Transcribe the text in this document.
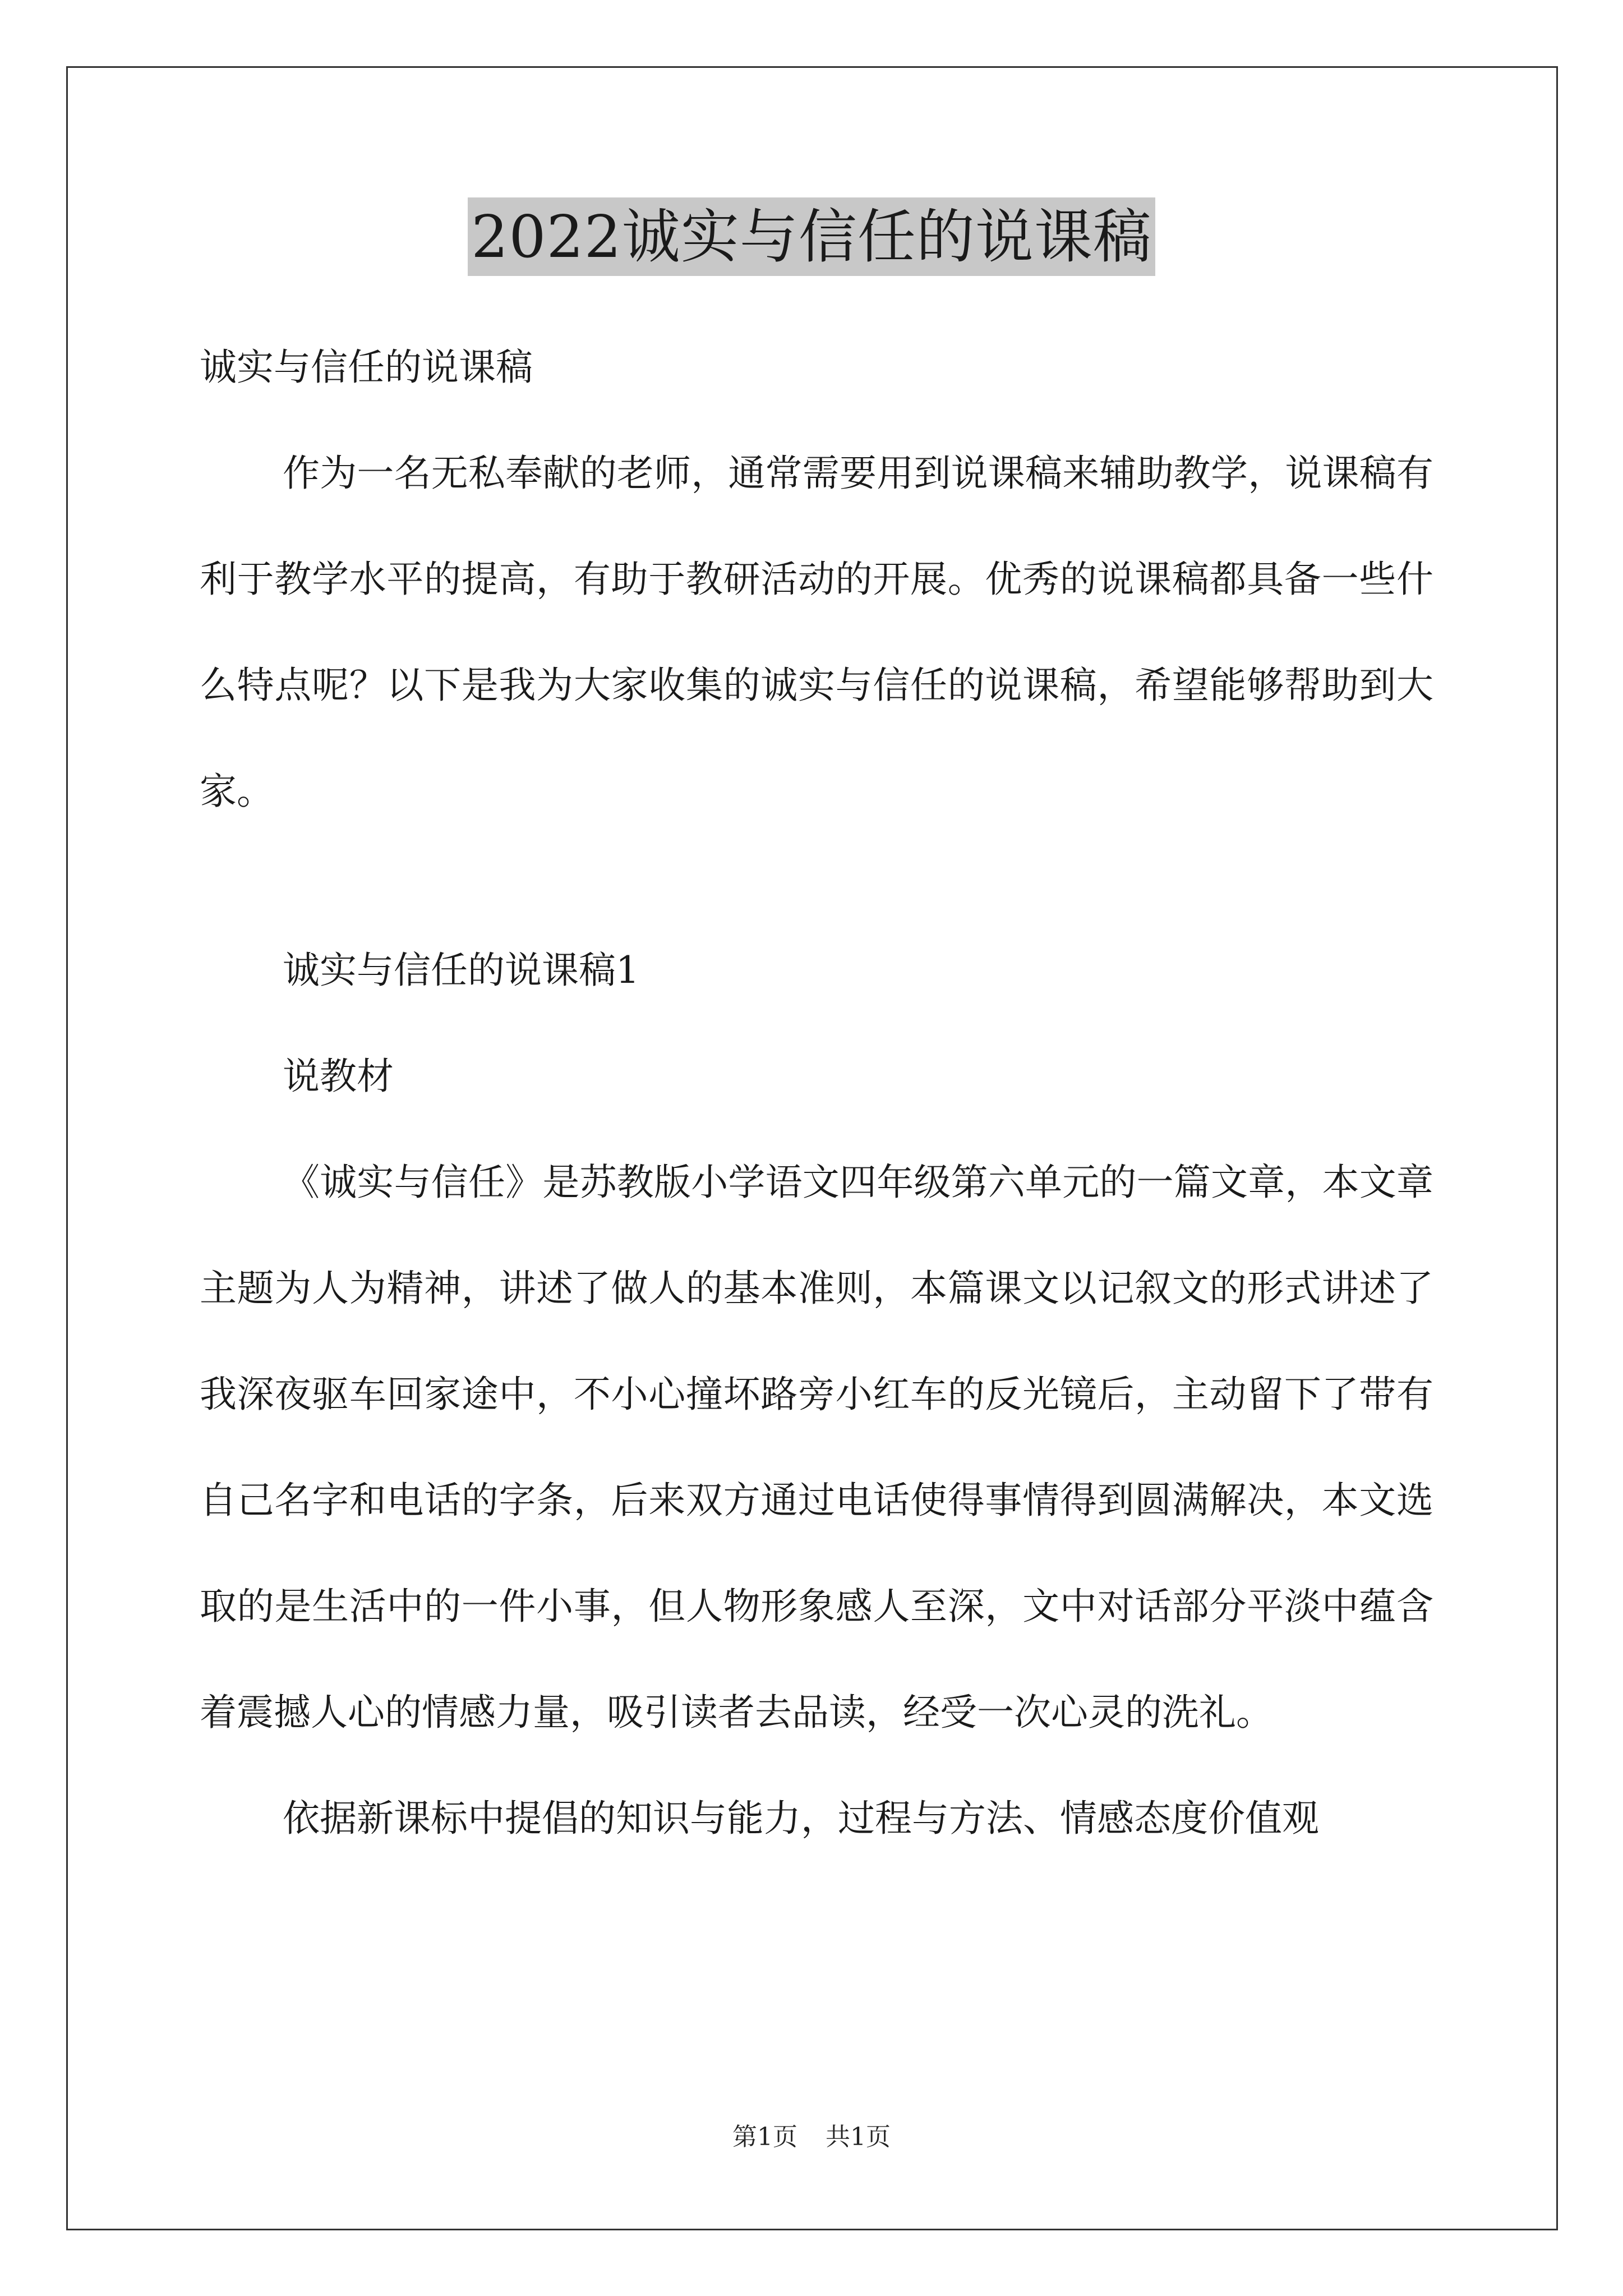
2022诚实与信任的说课稿

诚实与信任的说课稿

作为一名无私奉献的老师，通常需要用到说课稿来辅助教学，说课稿有利于教学水平的提高，有助于教研活动的开展。优秀的说课稿都具备一些什么特点呢？以下是我为大家收集的诚实与信任的说课稿，希望能够帮助到大家。

诚实与信任的说课稿1

说教材

《诚实与信任》是苏教版小学语文四年级第六单元的一篇文章，本文章主题为人为精神，讲述了做人的基本准则，本篇课文以记叙文的形式讲述了我深夜驱车回家途中，不小心撞坏路旁小红车的反光镜后，主动留下了带有自己名字和电话的字条，后来双方通过电话使得事情得到圆满解决，本文选取的是生活中的一件小事，但人物形象感人至深，文中对话部分平淡中蕴含着震撼人心的情感力量，吸引读者去品读，经受一次心灵的洗礼。

依据新课标中提倡的知识与能力，过程与方法、情感态度价值观

第1页 共1页
